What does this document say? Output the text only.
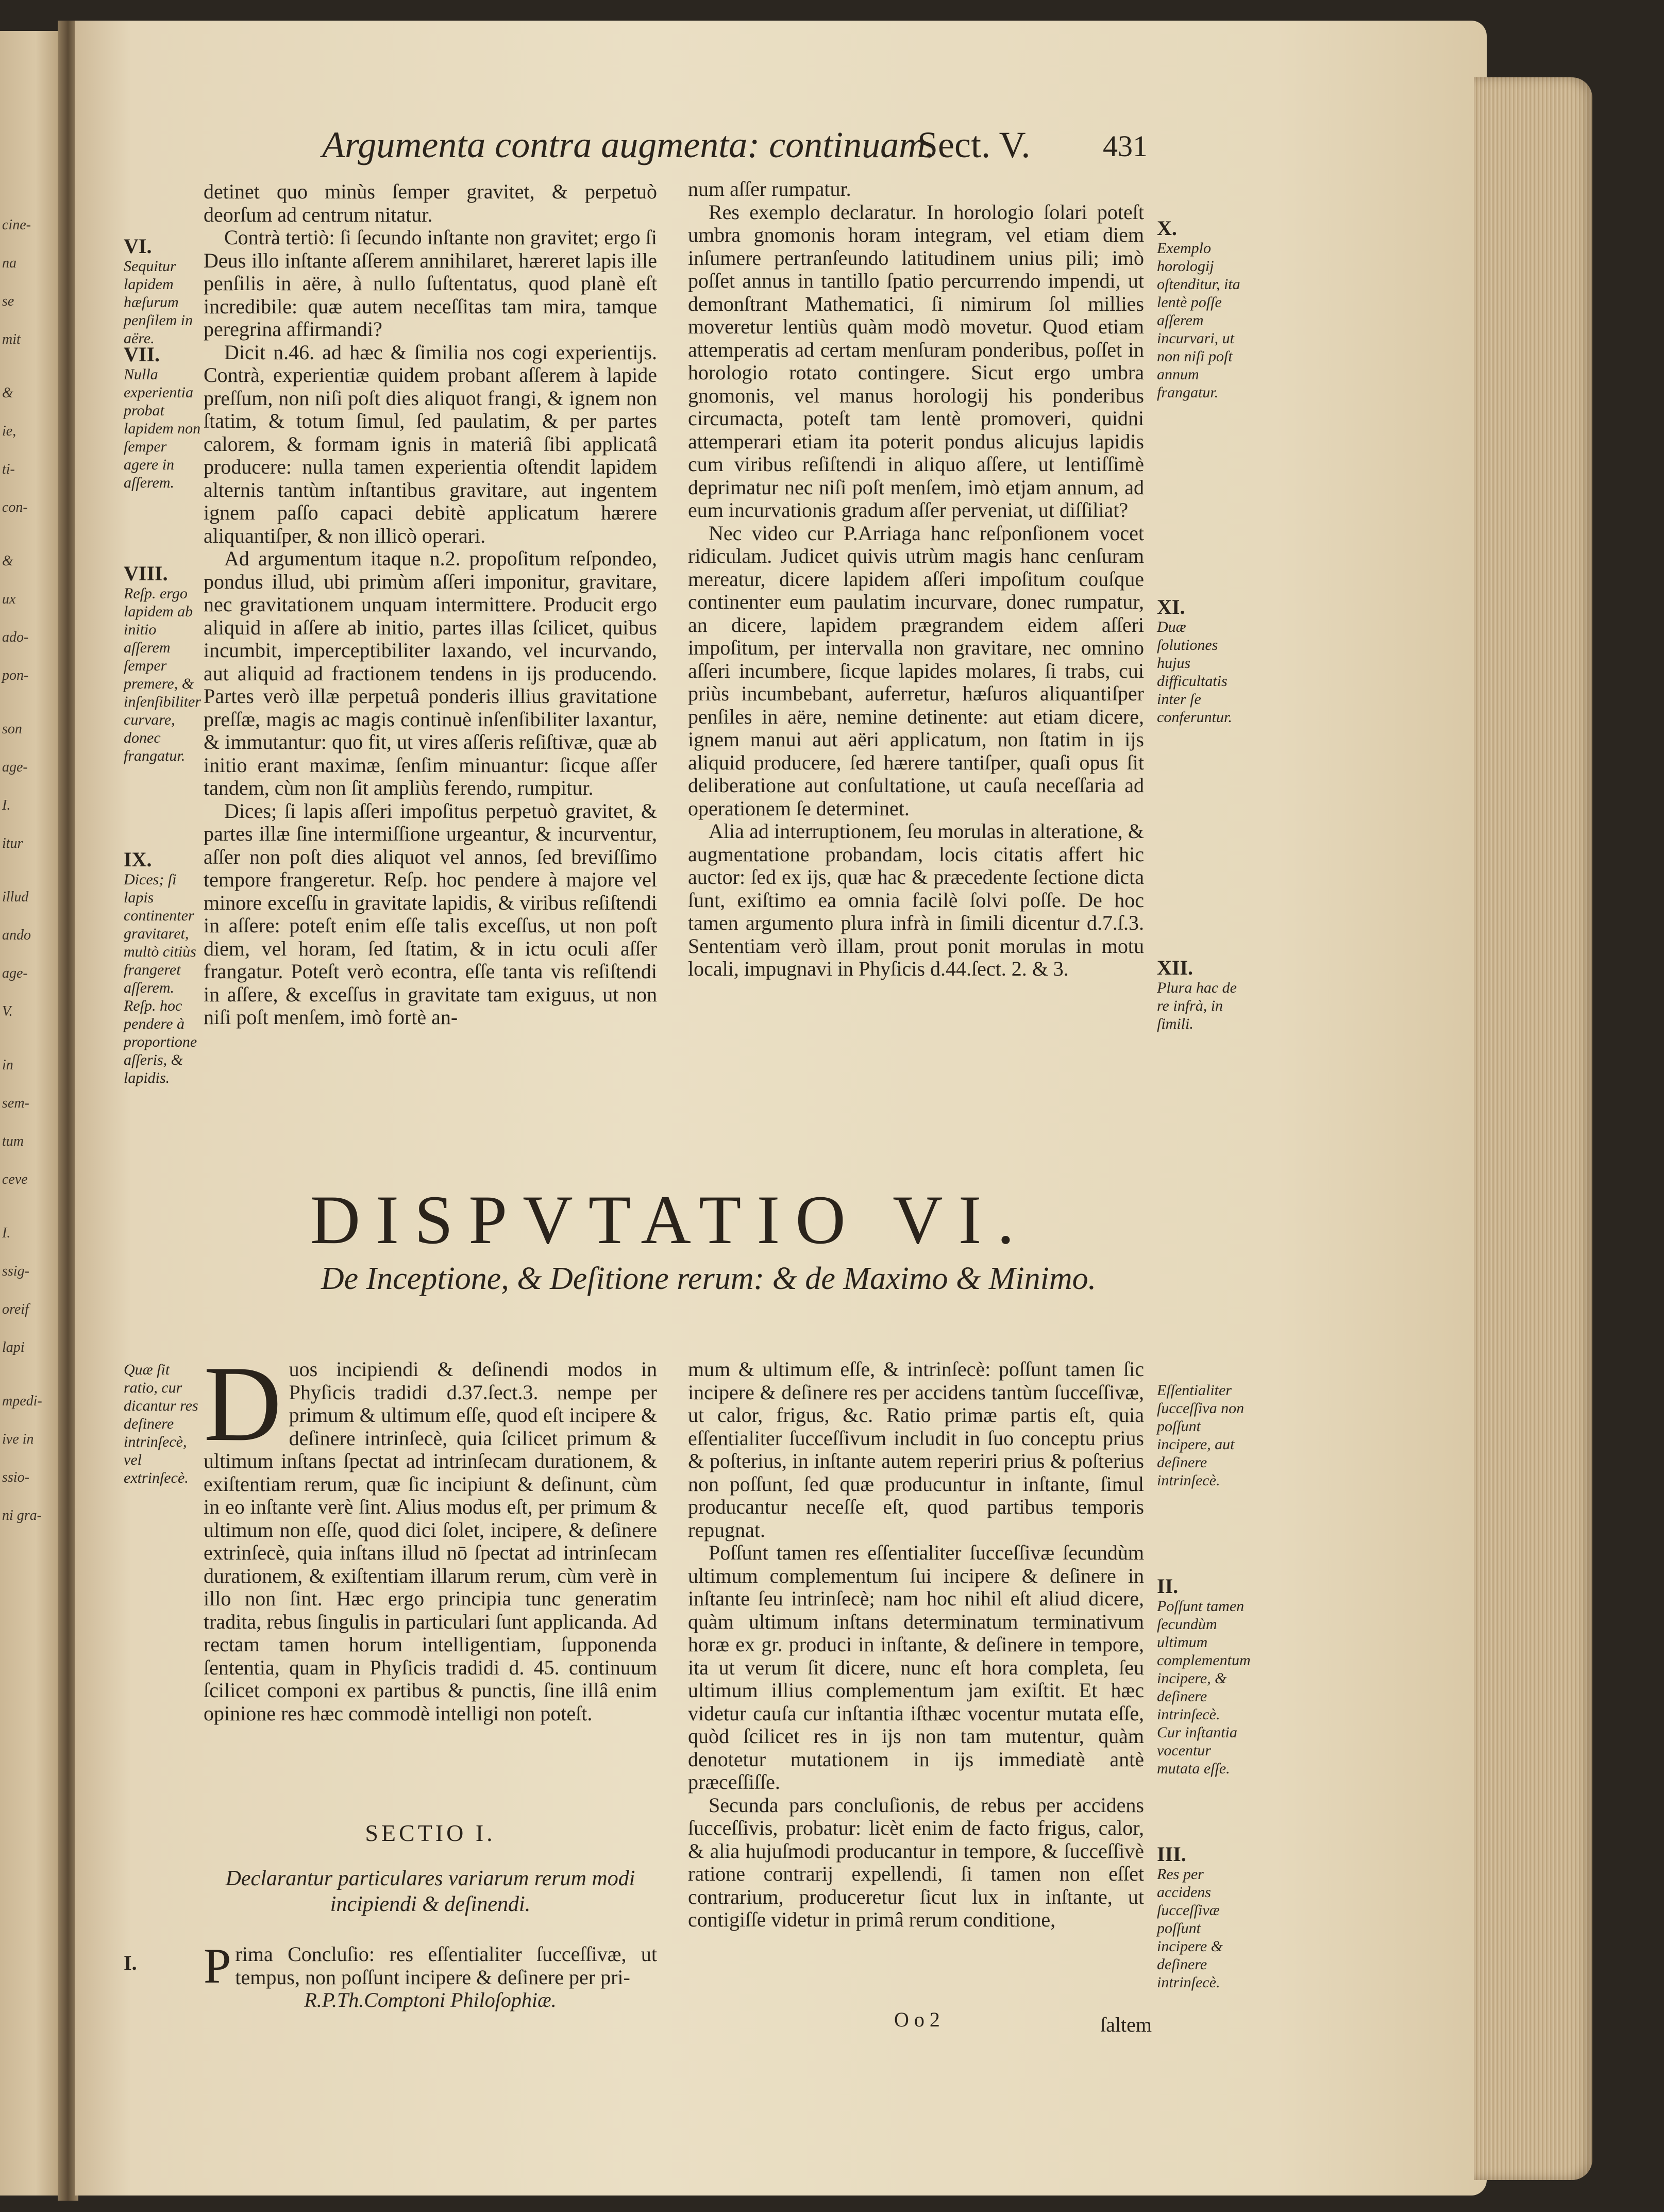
cine-
na
se
mit
&
ie,
ti-
con-
&
ux
ado-
pon-
son
age-
I.
itur
illud
ando
age-
V.
in
sem-
tum
ceve
I.
ssig-
oreif
lapi
mpedi-
ive in
ssio-
ni gra-
Argumenta contra augmenta: continuam.
Sect. V. 431

detinet quo minùs ſemper gravitet, & perpetuò deorſum ad centrum nitatur.

Contrà tertiò: ſi ſecundo inſtante non gravitet; ergo ſi Deus illo inſtante aſſerem annihilaret, hæreret lapis ille penſilis in aëre, à nullo ſuſtentatus, quod planè eſt incredibile: quæ autem neceſſitas tam mira, tamque peregrina affirmandi?

Dicit n.46. ad hæc & ſimilia nos cogi experientijs. Contrà, experientiæ quidem probant aſſerem à lapide preſſum, non niſi poſt dies aliquot frangi, & ignem non ſtatim, & totum ſimul, ſed paulatim, & per partes calorem, & formam ignis in materiâ ſibi applicatâ producere: nulla tamen experientia oſtendit lapidem alternis tantùm inſtantibus gravitare, aut ingentem ignem paſſo capaci debitè applicatum hærere aliquantiſper, & non illicò operari.

Ad argumentum itaque n.2. propoſitum reſpondeo, pondus illud, ubi primùm aſſeri imponitur, gravitare, nec gravitationem unquam intermittere. Producit ergo aliquid in aſſere ab initio, partes illas ſcilicet, quibus incumbit, imperceptibiliter laxando, vel incurvando, aut aliquid ad fractionem tendens in ijs producendo. Partes verò illæ perpetuâ ponderis illius gravitatione preſſæ, magis ac magis continuè inſenſibiliter laxantur, & immutantur: quo fit, ut vires aſſeris reſiſtivæ, quæ ab initio erant maximæ, ſenſim minuantur: ſicque aſſer tandem, cùm non ſit ampliùs ferendo, rumpitur.

Dices; ſi lapis aſſeri impoſitus perpetuò gravitet, & partes illæ ſine intermiſſione urgeantur, & incurventur, aſſer non poſt dies aliquot vel annos, ſed breviſſimo tempore frangeretur. Reſp. hoc pendere à majore vel minore exceſſu in gravitate lapidis, & viribus reſiſtendi in aſſere: poteſt enim eſſe talis exceſſus, ut non poſt diem, vel horam, ſed ſtatim, & in ictu oculi aſſer frangatur. Poteſt verò econtra, eſſe tanta vis reſiſtendi in aſſere, & exceſſus in gravitate tam exiguus, ut non niſi poſt menſem, imò fortè an-

num aſſer rumpatur.

Res exemplo declaratur. In horologio ſolari poteſt umbra gnomonis horam integram, vel etiam diem inſumere pertranſeundo latitudinem unius pili; imò poſſet annus in tantillo ſpatio percurrendo impendi, ut demonſtrant Mathematici, ſi nimirum ſol millies moveretur lentiùs quàm modò movetur. Quod etiam attemperatis ad certam menſuram ponderibus, poſſet in horologio rotato contingere. Sicut ergo umbra gnomonis, vel manus horologij his ponderibus circumacta, poteſt tam lentè promoveri, quidni attemperari etiam ita poterit pondus alicujus lapidis cum viribus reſiſtendi in aliquo aſſere, ut lentiſſimè deprimatur nec niſi poſt menſem, imò etjam annum, ad eum incurvationis gradum aſſer perveniat, ut diſſiliat?

Nec video cur P.Arriaga hanc reſponſionem vocet ridiculam. Judicet quivis utrùm magis hanc cenſuram mereatur, dicere lapidem aſſeri impoſitum couſque continenter eum paulatim incurvare, donec rumpatur, an dicere, lapidem prægrandem eidem aſſeri impoſitum, per intervalla non gravitare, nec omnino aſſeri incumbere, ſicque lapides molares, ſi trabs, cui priùs incumbebant, auferretur, hæſuros aliquantiſper penſiles in aëre, nemine detinente: aut etiam dicere, ignem manui aut aëri applicatum, non ſtatim in ijs aliquid producere, ſed hærere tantiſper, quaſi opus ſit deliberatione aut conſultatione, ut cauſa neceſſaria ad operationem ſe determinet.

Alia ad interruptionem, ſeu morulas in alteratione, & augmentatione probandam, locis citatis affert hic auctor: ſed ex ijs, quæ hac & præcedente ſectione dicta ſunt, exiſtimo ea omnia facilè ſolvi poſſe. De hoc tamen argumento plura infrà in ſimili dicentur d.7.ſ.3. Sententiam verò illam, prout ponit morulas in motu locali, impugnavi in Phyſicis d.44.ſect. 2. & 3.

VI.
Sequitur lapidem hæſurum penſilem in aëre.
VII.
Nulla experientia probat lapidem non ſemper agere in aſſerem.
VIII.
Reſp. ergo lapidem ab initio aſſerem ſemper premere, & inſenſibiliter curvare, donec frangatur.
IX.
Dices; ſi lapis continenter gravitaret, multò citiùs frangeret aſſerem. Reſp. hoc pendere à proportione aſſeris, & lapidis.
X.
Exemplo horologij oſtenditur, ita lentè poſſe aſſerem incurvari, ut non niſi poſt annum frangatur.
XI.
Duæ ſolutiones hujus difficultatis inter ſe conferuntur.
XII.
Plura hac de re infrà, in ſimili.
DISPVTATIO VI.
De Inceptione, & Deſitione rerum: & de Maximo & Minimo.
D uos incipiendi & deſinendi modos in Phyſicis tradidi d.37.ſect.3. nempe per primum & ultimum eſſe, quod eſt incipere & deſinere intrinſecè, quia ſcilicet primum & ultimum inſtans ſpectat ad intrinſecam durationem, & exiſtentiam rerum, quæ ſic incipiunt & deſinunt, cùm in eo inſtante verè ſint. Alius modus eſt, per primum & ultimum non eſſe, quod dici ſolet, incipere, & deſinere extrinſecè, quia inſtans illud nō ſpectat ad intrinſecam durationem, & exiſtentiam illarum rerum, cùm verè in illo non ſint. Hæc ergo principia tunc generatim tradita, rebus ſingulis in particulari ſunt applicanda. Ad rectam tamen horum intelligentiam, ſupponenda ſententia, quam in Phyſicis tradidi d. 45. continuum ſcilicet componi ex partibus & punctis, ſine illâ enim opinione res hæc commodè intelligi non poteſt.

Quæ ſit ratio, cur dicantur res deſinere intrinſecè, vel extrinſecè.
SECTIO I.
Declarantur particulares variarum rerum modi incipiendi & deſinendi.
I. P rima Concluſio: res eſſentialiter ſucceſſivæ, ut tempus, non poſſunt incipere & deſinere per pri-
R.P.Th.Comptoni Philoſophiæ.

mum & ultimum eſſe, & intrinſecè: poſſunt tamen ſic incipere & deſinere res per accidens tantùm ſucceſſivæ, ut calor, frigus, &c. Ratio primæ partis eſt, quia eſſentialiter ſucceſſivum includit in ſuo conceptu prius & poſterius, in inſtante autem reperiri prius & poſterius non poſſunt, ſed quæ producuntur in inſtante, ſimul producantur neceſſe eſt, quod partibus temporis repugnat.

Poſſunt tamen res eſſentialiter ſucceſſivæ ſecundùm ultimum complementum ſui incipere & deſinere in inſtante ſeu intrinſecè; nam hoc nihil eſt aliud dicere, quàm ultimum inſtans determinatum terminativum horæ ex gr. produci in inſtante, & deſinere in tempore, ita ut verum ſit dicere, nunc eſt hora completa, ſeu ultimum illius complementum jam exiſtit. Et hæc videtur cauſa cur inſtantia iſthæc vocentur mutata eſſe, quòd ſcilicet res in ijs non tam mutentur, quàm denotetur mutationem in ijs immediatè antè præceſſiſſe.

Secunda pars concluſionis, de rebus per accidens ſucceſſivis, probatur: licèt enim de facto frigus, calor, & alia hujuſmodi producantur in tempore, & ſucceſſivè ratione contrarij expellendi, ſi tamen non eſſet contrarium, produceretur ſicut lux in inſtante, ut contigiſſe videtur in primâ rerum conditione,

O o 2	ſaltem
Eſſentialiter ſucceſſiva non poſſunt incipere, aut deſinere intrinſecè.
II.
Poſſunt tamen ſecundùm ultimum complementum incipere, & deſinere intrinſecè. Cur inſtantia vocentur mutata eſſe.
III.
Res per accidens ſucceſſivæ poſſunt incipere & deſinere intrinſecè.
